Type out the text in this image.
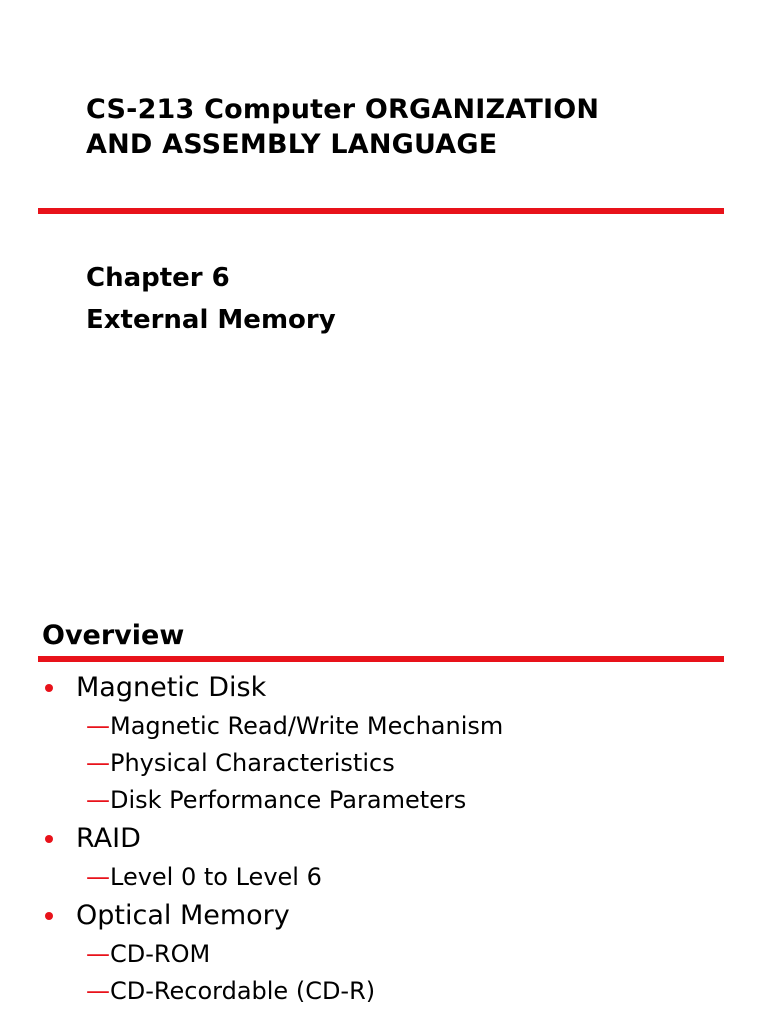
CS-213 Computer ORGANIZATION
AND ASSEMBLY LANGUAGE
Chapter 6
External Memory
Overview
Magnetic Disk
— Magnetic Read/Write Mechanism
— Physical Characteristics
— Disk Performance Parameters
RAID
— Level 0 to Level 6
Optical Memory
— CD-ROM
— CD-Recordable (CD-R)
